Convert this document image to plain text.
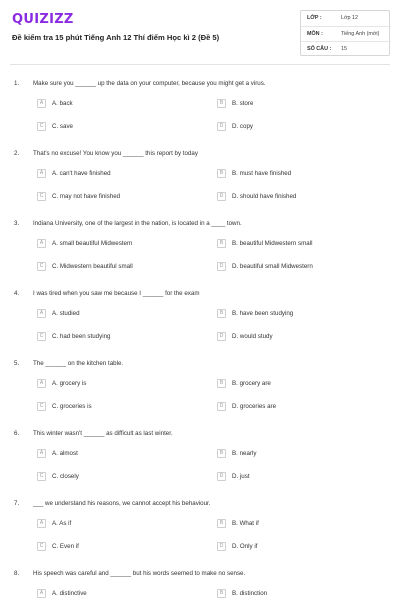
QUIZIZZ
Đề kiểm tra 15 phút Tiếng Anh 12 Thí điểm Học kì 2 (Đề 5)
LỚP :	Lớp 12
MÔN :	Tiếng Anh (mới)
SỐ CÂU : 15
1. Make sure you ______ up the data on your computer, because you might get a virus.
A	A. back	B	B. store
C	C. save	D	D. copy
2. That's no excuse! You know you ______ this report by today
A	A. can't have finished	B	B. must have finished
C	C. may not have finished	D	D. should have finished
3. Indiana University, one of the largest in the nation, is located in a ____ town.
A	A. small beautiful Midwestern	B	B. beautiful Midwestern small
C	C. Midwestern beautiful small	D	D. beautiful small Midwestern
4. I was tired when you saw me because I ______ for the exam
A	A. studied	B	B. have been studying
C	C. had been studying	D	D. would study
5. The ______ on the kitchen table.
A	A. grocery is	B	B. grocery are
C	C. groceries is	D	D. groceries are
6. This winter wasn't ______ as difficult as last winter.
A	A. almost	B	B. nearly
C	C. closely	D	D. just
7. ___ we understand his reasons, we cannot accept his behaviour.
A	A. As if	B	B. What if
C	C. Even if	D	D. Only if
8. His speech was careful and ______ but his words seemed to make no sense.
A	A. distinctive	B	B. distinction
